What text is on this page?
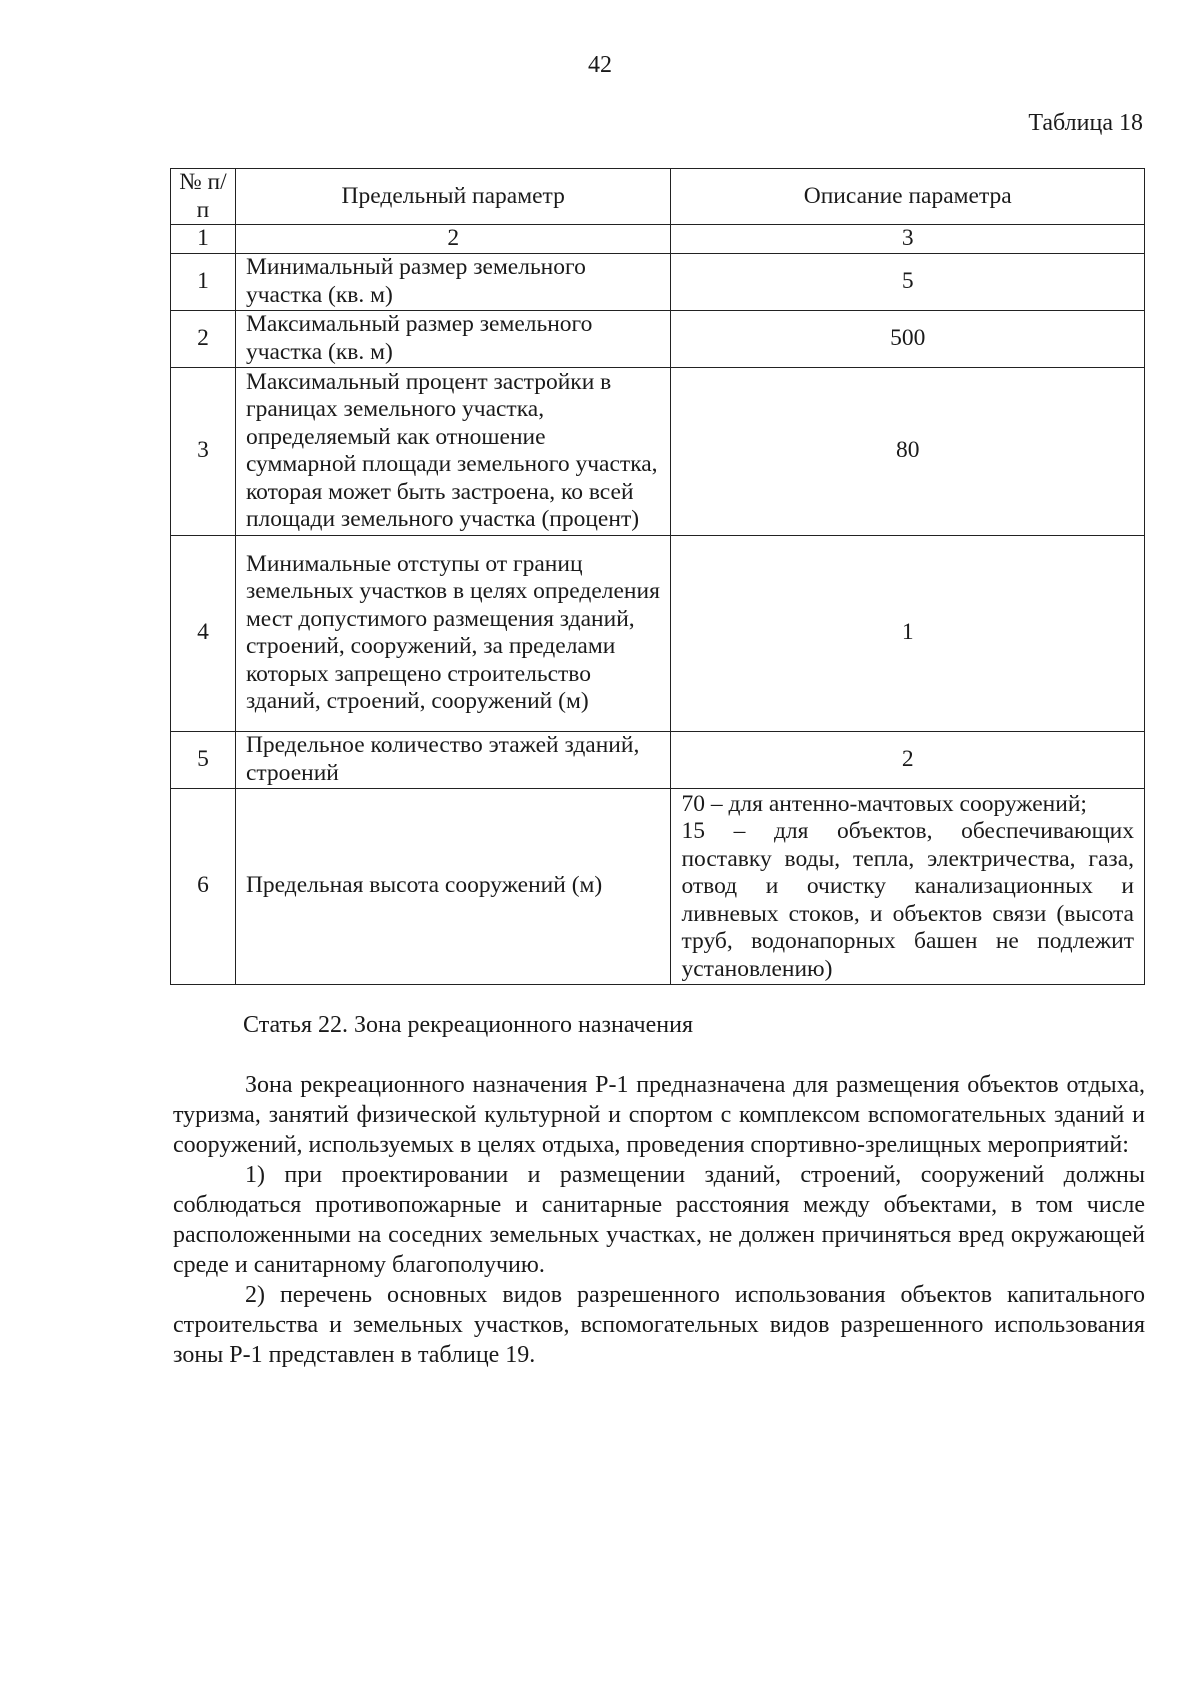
42
Таблица 18
№ п/п	Предельный параметр	Описание параметра
1	2	3
1	Минимальный размер земельного участка (кв. м)	5
2	Максимальный размер земельного участка (кв. м)	500
3	Максимальный процент застройки в границах земельного участка, определяемый как отношение суммарной площади земельного участка, которая может быть застроена, ко всей площади земельного участка (процент)	80
4	Минимальные отступы от границ земельных участков в целях определения мест допустимого размещения зданий, строений, сооружений, за пределами которых запрещено строительство зданий, строений, сооружений (м)	1
5	Предельное количество этажей зданий, строений	2
6	Предельная высота сооружений (м)	70 – для антенно-мачтовых сооружений;
15 – для объектов, обеспечивающих поставку воды, тепла, электричества, газа, отвод и очистку канализационных и ливневых стоков, и объектов связи (высота труб, водонапорных башен не подлежит установлению)
Статья 22. Зона рекреационного назначения

Зона рекреационного назначения Р-1 предназначена для размещения объектов отдыха, туризма, занятий физической культурной и спортом с комплексом вспомогательных зданий и сооружений, используемых в целях отдыха, проведения спортивно-зрелищных мероприятий:

1) при проектировании и размещении зданий, строений, сооружений должны соблюдаться противопожарные и санитарные расстояния между объектами, в том числе расположенными на соседних земельных участках, не должен причиняться вред окружающей среде и санитарному благополучию.

2) перечень основных видов разрешенного использования объектов капитального строительства и земельных участков, вспомогательных видов разрешенного использования зоны Р-1 представлен в таблице 19.
